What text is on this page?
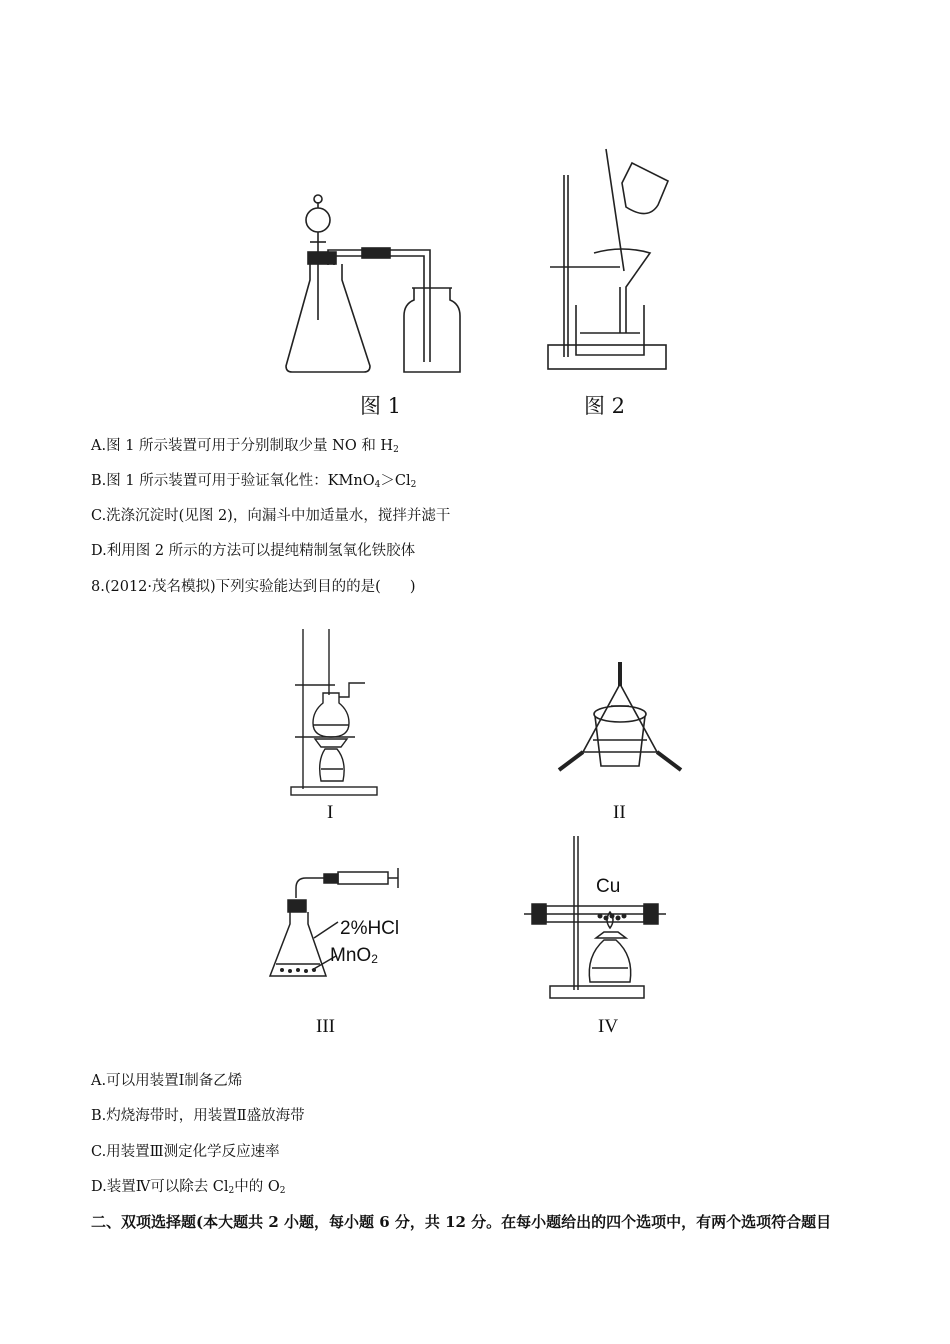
图 1	图 2
A.图 1 所示装置可用于分别制取少量 NO 和 $H_2$
B.图 1 所示装置可用于验证氧化性：$KMnO_4>Cl_2$
C.洗涤沉淀时(见图 2)，向漏斗中加适量水，搅拌并滤干
D.利用图 2 所示的方法可以提纯精制氢氧化铁胶体
8.(2012·茂名模拟)下列实验能达到目的的是(　　)
I	II
2%HCl
MnO$_2$
III
Cu
IV
A.可以用装置Ⅰ制备乙烯
B.灼烧海带时，用装置Ⅱ盛放海带
C.用装置Ⅲ测定化学反应速率
D.装置Ⅳ可以除去 $Cl_2$中的 $O_2$
二、双项选择题(本大题共 2 小题，每小题 6 分，共 12 分。在每小题给出的四个选项中，有两个选项符合题目
